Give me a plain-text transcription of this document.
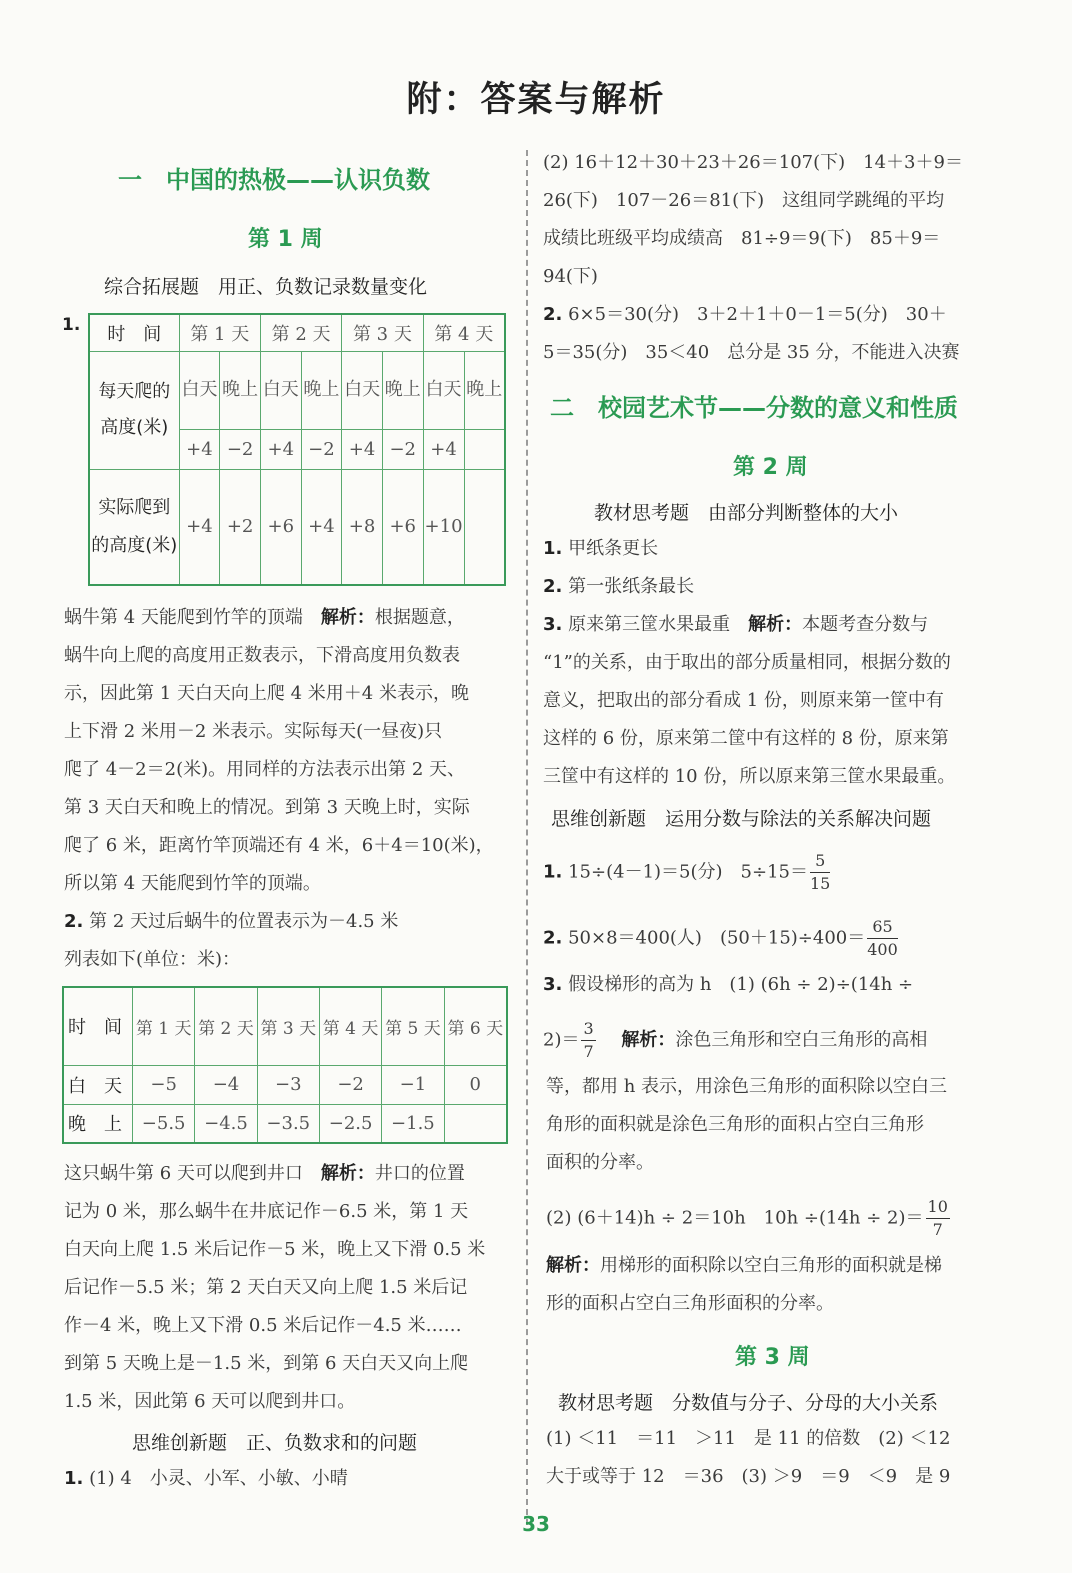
附：答案与解析
一　中国的热极——认识负数
第 1 周
综合拓展题　用正、负数记录数量变化
1. 时　间	第 1 天		第 2 天		第 3 天		第 4 天	
每天爬的高度(米)	白天	晚上	白天	晚上	白天	晚上	白天	晚上
	+4	−2	+4	−2	+4	−2	+4	
实际爬到的高度(米)	+4	+2	+6	+4	+8	+6	+10	
蜗牛第 4 天能爬到竹竿的顶端　解析：根据题意，
蜗牛向上爬的高度用正数表示，下滑高度用负数表
示，因此第 1 天白天向上爬 4 米用＋4 米表示，晚
上下滑 2 米用－2 米表示。实际每天(一昼夜)只
爬了 4－2＝2(米)。用同样的方法表示出第 2 天、
第 3 天白天和晚上的情况。到第 3 天晚上时，实际
爬了 6 米，距离竹竿顶端还有 4 米，6＋4＝10(米)，
所以第 4 天能爬到竹竿的顶端。
2. 第 2 天过后蜗牛的位置表示为－4.5 米
列表如下(单位：米)：
时　间	第 1 天	第 2 天	第 3 天	第 4 天	第 5 天	第 6 天
白　天	−5	−4	−3	−2	−1	0
晚　上	−5.5	−4.5	−3.5	−2.5	−1.5	
这只蜗牛第 6 天可以爬到井口　解析：井口的位置
记为 0 米，那么蜗牛在井底记作－6.5 米，第 1 天
白天向上爬 1.5 米后记作－5 米，晚上又下滑 0.5 米
后记作－5.5 米；第 2 天白天又向上爬 1.5 米后记
作－4 米，晚上又下滑 0.5 米后记作－4.5 米……
到第 5 天晚上是－1.5 米，到第 6 天白天又向上爬
1.5 米，因此第 6 天可以爬到井口。
思维创新题　正、负数求和的问题
1. (1) 4　小灵、小军、小敏、小晴
(2) 16＋12＋30＋23＋26＝107(下)　14＋3＋9＝
26(下)　107－26＝81(下)　这组同学跳绳的平均
成绩比班级平均成绩高　81÷9＝9(下)　85＋9＝
94(下)
2. 6×5＝30(分)　3＋2＋1＋0－1＝5(分)　30＋
5＝35(分)　35＜40　总分是 35 分，不能进入决赛
二　校园艺术节——分数的意义和性质
第 2 周
教材思考题　由部分判断整体的大小
1. 甲纸条更长
2. 第一张纸条最长
3. 原来第三筐水果最重　解析：本题考查分数与
“1”的关系，由于取出的部分质量相同，根据分数的
意义，把取出的部分看成 1 份，则原来第一筐中有
这样的 6 份，原来第二筐中有这样的 8 份，原来第
三筐中有这样的 10 份，所以原来第三筐水果最重。
思维创新题　运用分数与除法的关系解决问题
1. 15÷(4－1)＝5(分)　$5\div 15= \frac{5}{15}$
2. 50×8＝400(人)　$(50+15)\div 400= \frac{65}{400}$
3. 假设梯形的高为 h　(1) (6h ÷ 2)÷(14h ÷
$2)= \frac{3}{7}$
　 解析：涂色三角形和空白三角形的高相
等，都用 h 表示，用涂色三角形的面积除以空白三
角形的面积就是涂色三角形的面积占空白三角形
面积的分率。
(2) (6＋14)h ÷ 2＝10h　$10h \div(14h \div 2)= \frac{10}{7}$
解析：用梯形的面积除以空白三角形的面积就是梯
形的面积占空白三角形面积的分率。
第 3 周
教材思考题　分数值与分子、分母的大小关系
(1) ＜11　＝11　＞11　是 11 的倍数　(2) ＜12
大于或等于 12　＝36　(3) ＞9　＝9　＜9　是 9
33
